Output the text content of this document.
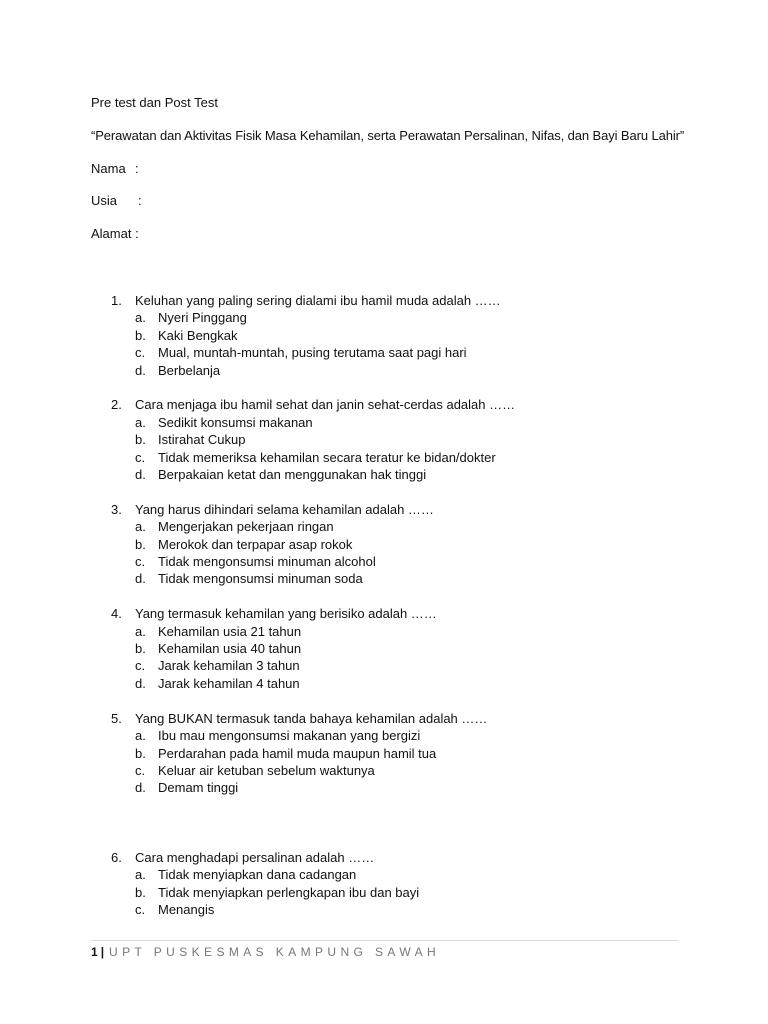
Pre test dan Post Test
“Perawatan dan Aktivitas Fisik Masa Kehamilan, serta Perawatan Persalinan, Nifas, dan Bayi Baru Lahir”
Nama :
Usia :
Alamat :
1.	Keluhan yang paling sering dialami ibu hamil muda adalah ……
a. Nyeri Pinggang
b. Kaki Bengkak
c. Mual, muntah-muntah, pusing terutama saat pagi hari
d. Berbelanja
2.	Cara menjaga ibu hamil sehat dan janin sehat-cerdas adalah ……
a. Sedikit konsumsi makanan
b. Istirahat Cukup
c. Tidak memeriksa kehamilan secara teratur ke bidan/dokter
d. Berpakaian ketat dan menggunakan hak tinggi
3.	Yang harus dihindari selama kehamilan adalah ……
a. Mengerjakan pekerjaan ringan
b. Merokok dan terpapar asap rokok
c. Tidak mengonsumsi minuman alcohol
d. Tidak mengonsumsi minuman soda
4.	Yang termasuk kehamilan yang berisiko adalah ……
a. Kehamilan usia 21 tahun
b. Kehamilan usia 40 tahun
c. Jarak kehamilan 3 tahun
d. Jarak kehamilan 4 tahun
5.	Yang BUKAN termasuk tanda bahaya kehamilan adalah ……
a. Ibu mau mengonsumsi makanan yang bergizi
b. Perdarahan pada hamil muda maupun hamil tua
c. Keluar air ketuban sebelum waktunya
d. Demam tinggi
6.	Cara menghadapi persalinan adalah ……
a. Tidak menyiapkan dana cadangan
b. Tidak menyiapkan perlengkapan ibu dan bayi
c. Menangis
1 | UPT PUSKESMAS KAMPUNG SAWAH
